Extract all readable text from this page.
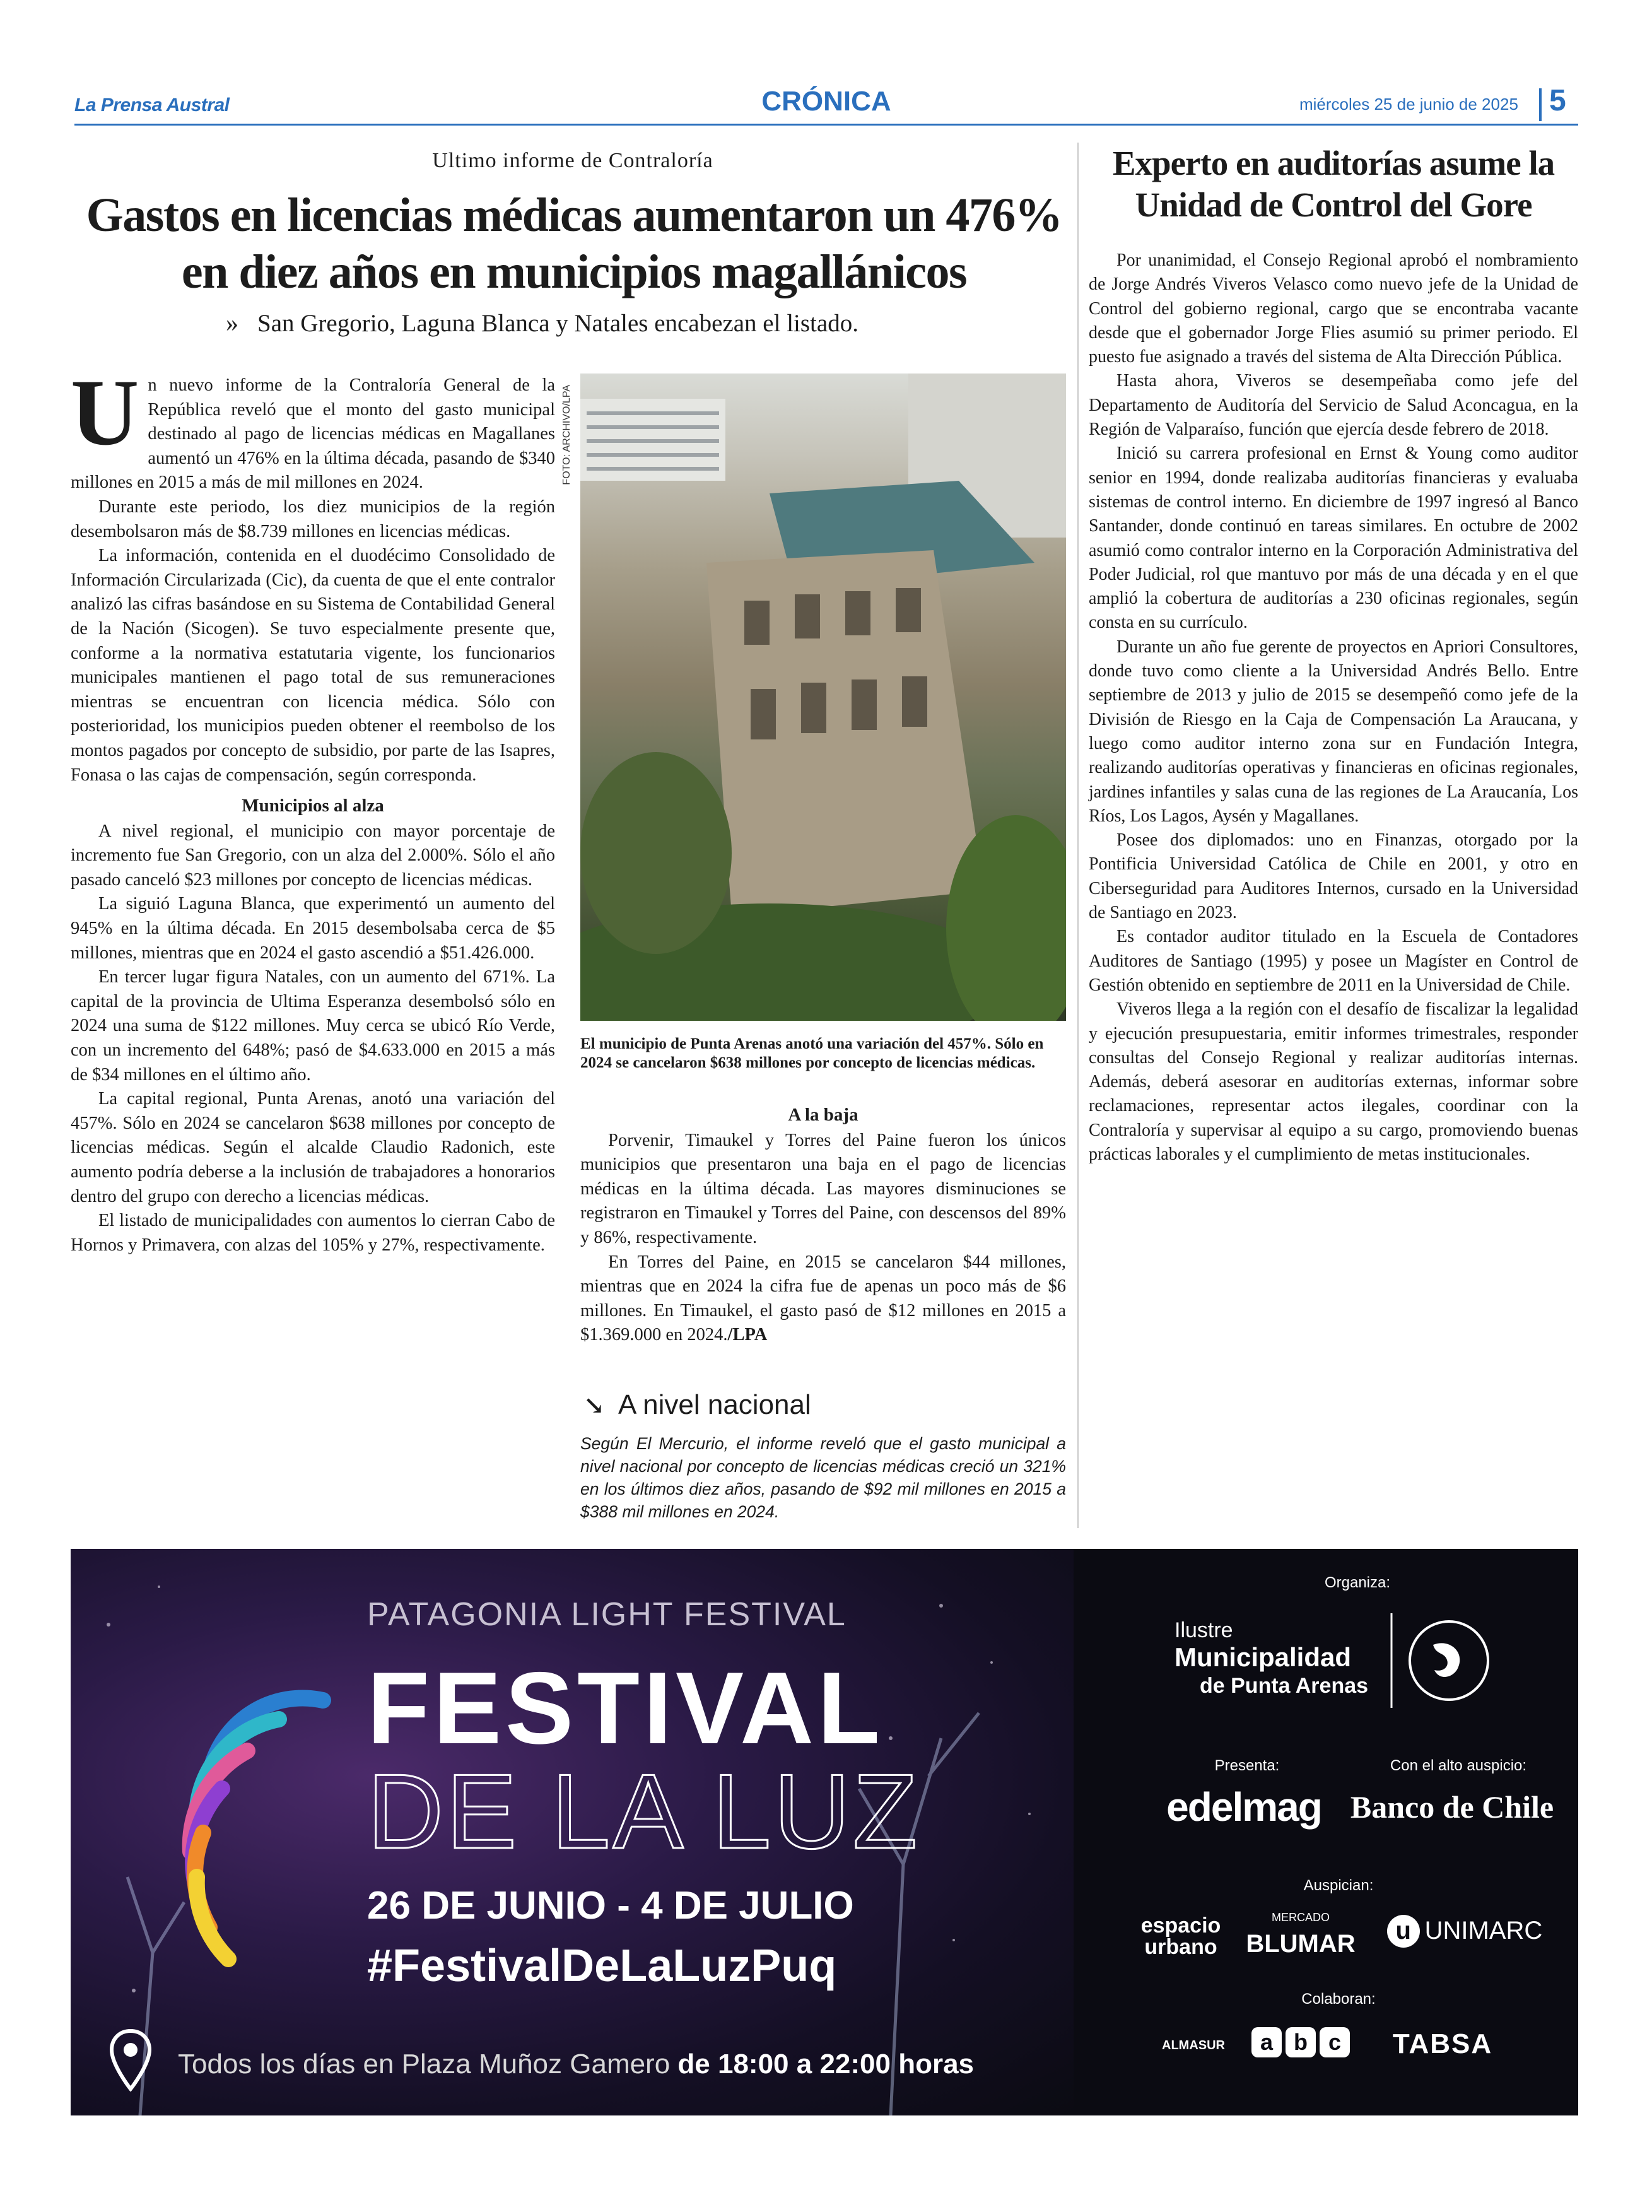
La Prensa Austral	CRÓNICA	miércoles 25 de junio de 2025 5
Ultimo informe de Contraloría
Gastos en licencias médicas aumentaron un 476% en diez años en municipios magallánicos
» San Gregorio, Laguna Blanca y Natales encabezan el listado.

Un nuevo informe de la Contraloría General de la República reveló que el monto del gasto municipal destinado al pago de licencias médicas en Magallanes aumentó un 476% en la última década, pasando de $340 millones en 2015 a más de mil millones en 2024.

Durante este periodo, los diez municipios de la región desembolsaron más de $8.739 millones en licencias médicas.

La información, contenida en el duodécimo Consolidado de Información Circularizada (Cic), da cuenta de que el ente contralor analizó las cifras basándose en su Sistema de Contabilidad General de la Nación (Sicogen). Se tuvo especialmente presente que, conforme a la normativa estatutaria vigente, los funcionarios municipales mantienen el pago total de sus remuneraciones mientras se encuentran con licencia médica. Sólo con posterioridad, los municipios pueden obtener el reembolso de los montos pagados por concepto de subsidio, por parte de las Isapres, Fonasa o las cajas de compensación, según corresponda.

Municipios al alza

A nivel regional, el municipio con mayor porcentaje de incremento fue San Gregorio, con un alza del 2.000%. Sólo el año pasado canceló $23 millones por concepto de licencias médicas.

La siguió Laguna Blanca, que experimentó un aumento del 945% en la última década. En 2015 desembolsaba cerca de $5 millones, mientras que en 2024 el gasto ascendió a $51.426.000.

En tercer lugar figura Natales, con un aumento del 671%. La capital de la provincia de Ultima Esperanza desembolsó sólo en 2024 una suma de $122 millones. Muy cerca se ubicó Río Verde, con un incremento del 648%; pasó de $4.633.000 en 2015 a más de $34 millones en el último año.

La capital regional, Punta Arenas, anotó una variación del 457%. Sólo en 2024 se cancelaron $638 millones por concepto de licencias médicas. Según el alcalde Claudio Radonich, este aumento podría deberse a la inclusión de trabajadores a honorarios dentro del grupo con derecho a licencias médicas.

El listado de municipalidades con aumentos lo cierran Cabo de Hornos y Primavera, con alzas del 105% y 27%, respectivamente.

FOTO: ARCHIVO/LPA
El municipio de Punta Arenas anotó una variación del 457%. Sólo en 2024 se cancelaron $638 millones por concepto de licencias médicas.
A la baja

Porvenir, Timaukel y Torres del Paine fueron los únicos municipios que presentaron una baja en el pago de licencias médicas en la última década. Las mayores disminuciones se registraron en Timaukel y Torres del Paine, con descensos del 89% y 86%, respectivamente.

En Torres del Paine, en 2015 se cancelaron $44 millones, mientras que en 2024 la cifra fue de apenas un poco más de $6 millones. En Timaukel, el gasto pasó de $12 millones en 2015 a $1.369.000 en 2024./LPA

↘ A nivel nacional
Según El Mercurio, el informe reveló que el gasto municipal a nivel nacional por concepto de licencias médicas creció un 321% en los últimos diez años, pasando de $92 mil millones en 2015 a $388 mil millones en 2024.
Experto en auditorías asume la Unidad de Control del Gore

Por unanimidad, el Consejo Regional aprobó el nombramiento de Jorge Andrés Viveros Velasco como nuevo jefe de la Unidad de Control del gobierno regional, cargo que se encontraba vacante desde que el gobernador Jorge Flies asumió su primer periodo. El puesto fue asignado a través del sistema de Alta Dirección Pública.

Hasta ahora, Viveros se desempeñaba como jefe del Departamento de Auditoría del Servicio de Salud Aconcagua, en la Región de Valparaíso, función que ejercía desde febrero de 2018.

Inició su carrera profesional en Ernst & Young como auditor senior en 1994, donde realizaba auditorías financieras y evaluaba sistemas de control interno. En diciembre de 1997 ingresó al Banco Santander, donde continuó en tareas similares. En octubre de 2002 asumió como contralor interno en la Corporación Administrativa del Poder Judicial, rol que mantuvo por más de una década y en el que amplió la cobertura de auditorías a 230 oficinas regionales, según consta en su currículo.

Durante un año fue gerente de proyectos en Apriori Consultores, donde tuvo como cliente a la Universidad Andrés Bello. Entre septiembre de 2013 y julio de 2015 se desempeñó como jefe de la División de Riesgo en la Caja de Compensación La Araucana, y luego como auditor interno zona sur en Fundación Integra, realizando auditorías operativas y financieras en oficinas regionales, jardines infantiles y salas cuna de las regiones de La Araucanía, Los Ríos, Los Lagos, Aysén y Magallanes.

Posee dos diplomados: uno en Finanzas, otorgado por la Pontificia Universidad Católica de Chile en 2001, y otro en Ciberseguridad para Auditores Internos, cursado en la Universidad de Santiago en 2023.

Es contador auditor titulado en la Escuela de Contadores Auditores de Santiago (1995) y posee un Magíster en Control de Gestión obtenido en septiembre de 2011 en la Universidad de Chile.

Viveros llega a la región con el desafío de fiscalizar la legalidad y ejecución presupuestaria, emitir informes trimestrales, responder consultas del Consejo Regional y realizar auditorías internas. Además, deberá asesorar en auditorías externas, informar sobre reclamaciones, representar actos ilegales, coordinar con la Contraloría y supervisar al equipo a su cargo, promoviendo buenas prácticas laborales y el cumplimiento de metas institucionales.

PATAGONIA LIGHT FESTIVAL
FESTIVAL
DE LA LUZ
26 DE JUNIO - 4 DE JULIO
#FestivalDeLaLuzPuq
Todos los días en Plaza Muñoz Gamero de 18:00 a 22:00 horas
Organiza:
Ilustre
Municipalidad
de Punta Arenas
Presenta:	Con el alto auspicio:
edelmag Banco de Chile
Auspician:
espacio
urbano
MERCADO
BLUMAR	u UNIMARC
Colaboran:
ALMASUR	a b c	TABSA
